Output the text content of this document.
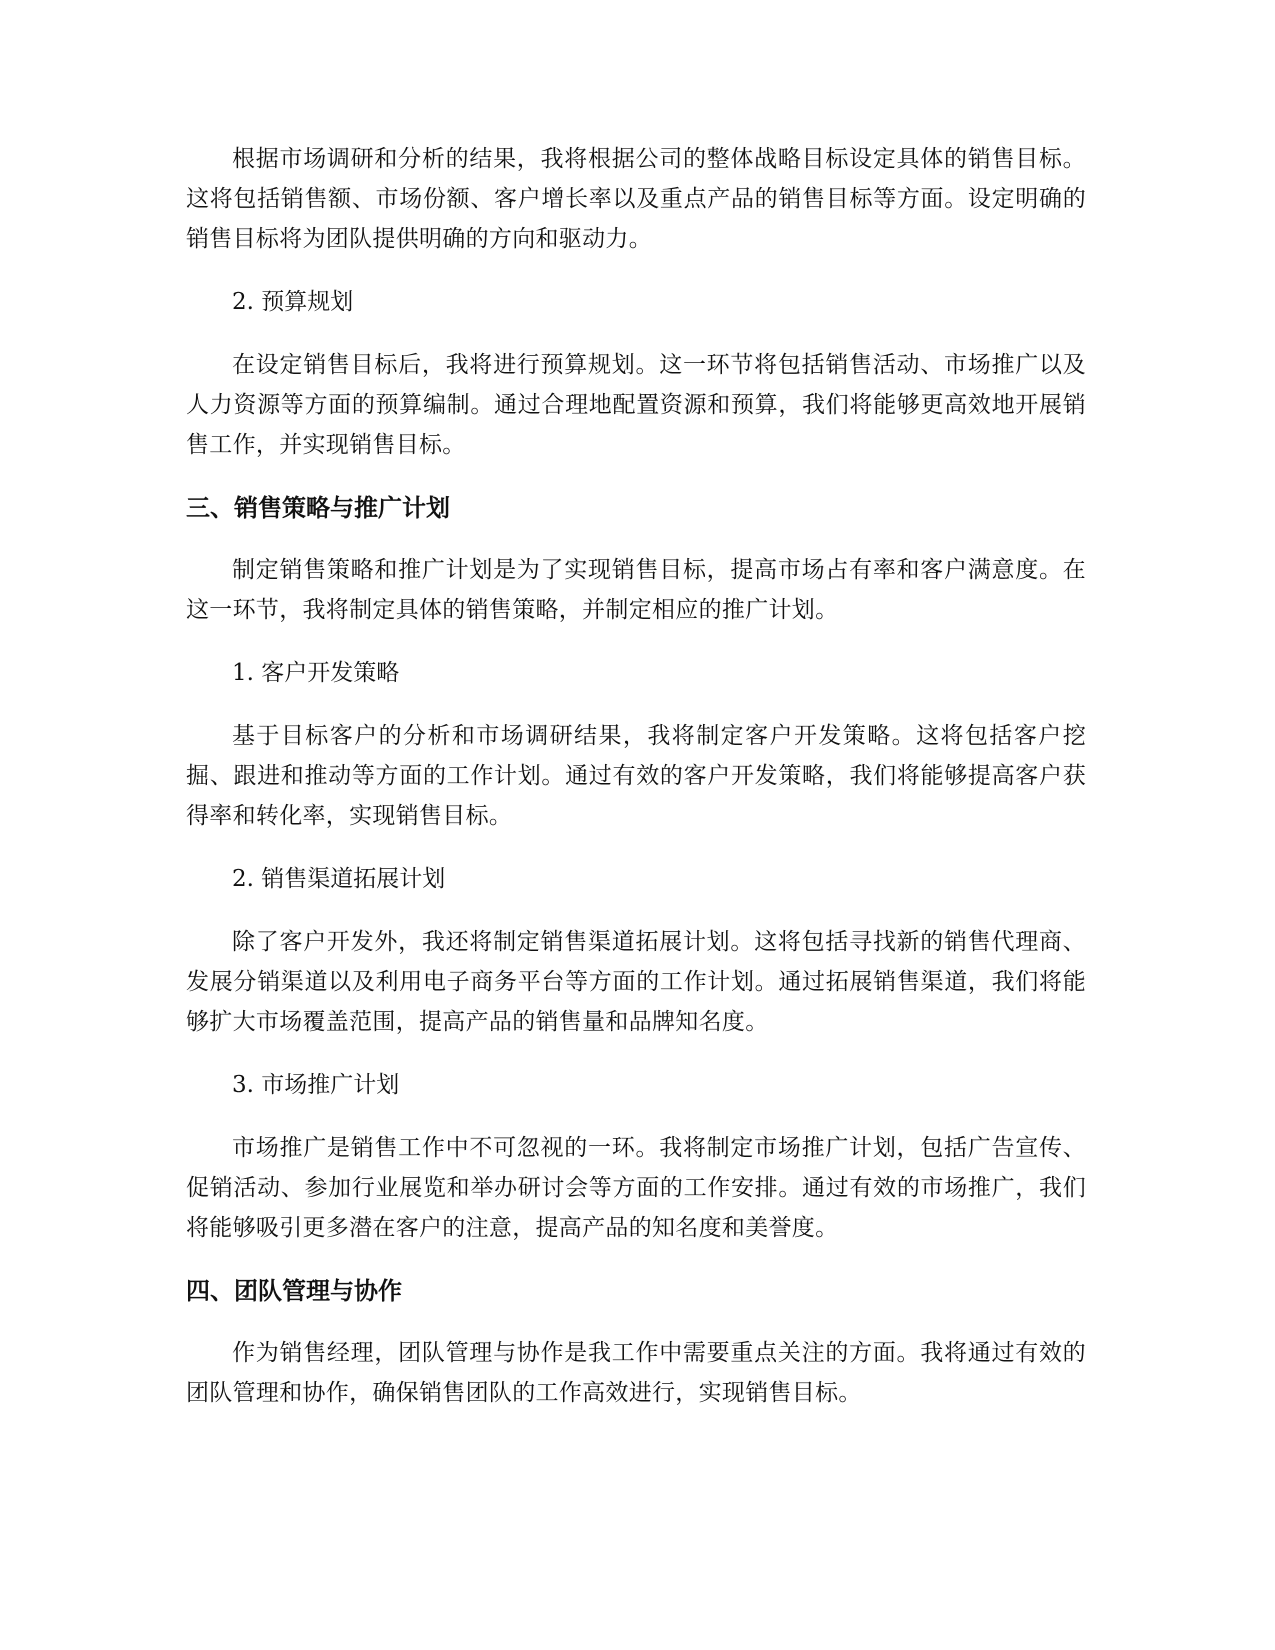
根据市场调研和分析的结果，我将根据公司的整体战略目标设定具体的销售目标。这将包括销售额、市场份额、客户增长率以及重点产品的销售目标等方面。设定明确的销售目标将为团队提供明确的方向和驱动力。

2. 预算规划

在设定销售目标后，我将进行预算规划。这一环节将包括销售活动、市场推广以及人力资源等方面的预算编制。通过合理地配置资源和预算，我们将能够更高效地开展销售工作，并实现销售目标。

三、销售策略与推广计划

制定销售策略和推广计划是为了实现销售目标，提高市场占有率和客户满意度。在这一环节，我将制定具体的销售策略，并制定相应的推广计划。

1. 客户开发策略

基于目标客户的分析和市场调研结果，我将制定客户开发策略。这将包括客户挖掘、跟进和推动等方面的工作计划。通过有效的客户开发策略，我们将能够提高客户获得率和转化率，实现销售目标。

2. 销售渠道拓展计划

除了客户开发外，我还将制定销售渠道拓展计划。这将包括寻找新的销售代理商、发展分销渠道以及利用电子商务平台等方面的工作计划。通过拓展销售渠道，我们将能够扩大市场覆盖范围，提高产品的销售量和品牌知名度。

3. 市场推广计划

市场推广是销售工作中不可忽视的一环。我将制定市场推广计划，包括广告宣传、促销活动、参加行业展览和举办研讨会等方面的工作安排。通过有效的市场推广，我们将能够吸引更多潜在客户的注意，提高产品的知名度和美誉度。

四、团队管理与协作

作为销售经理，团队管理与协作是我工作中需要重点关注的方面。我将通过有效的团队管理和协作，确保销售团队的工作高效进行，实现销售目标。
